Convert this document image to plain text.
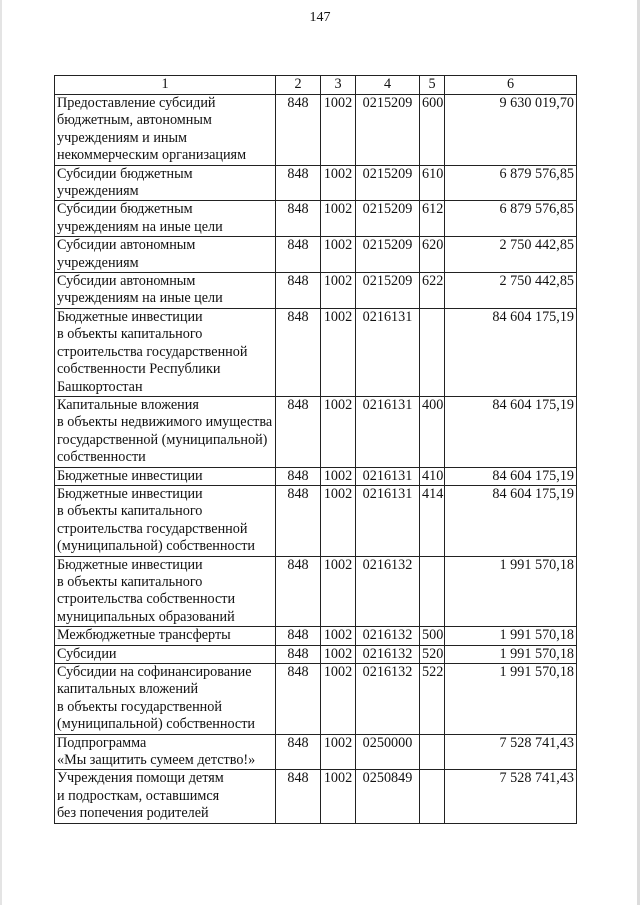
147
1	2	3	4	5	6
Предоставление субсидий бюджетным, автономным учреждениям и иным некоммерческим организациям	848	1002	0215209	600	9 630 019,70
Субсидии бюджетным учреждениям	848	1002	0215209	610	6 879 576,85
Субсидии бюджетным учреждениям на иные цели	848	1002	0215209	612	6 879 576,85
Субсидии автономным учреждениям	848	1002	0215209	620	2 750 442,85
Субсидии автономным учреждениям на иные цели	848	1002	0215209	622	2 750 442,85
Бюджетные инвестиции
в объекты капитального строительства государственной собственности Республики Башкортостан	848	1002	0216131		84 604 175,19
Капитальные вложения
в объекты недвижимого имущества государственной (муниципальной) собственности	848	1002	0216131	400	84 604 175,19
Бюджетные инвестиции	848	1002	0216131	410	84 604 175,19
Бюджетные инвестиции
в объекты капитального строительства государственной (муниципальной) собственности	848	1002	0216131	414	84 604 175,19
Бюджетные инвестиции
в объекты капитального строительства собственности муниципальных образований	848	1002	0216132		1 991 570,18
Межбюджетные трансферты	848	1002	0216132	500	1 991 570,18
Субсидии	848	1002	0216132	520	1 991 570,18
Субсидии на софинансирование капитальных вложений
в объекты государственной (муниципальной) собственности	848	1002	0216132	522	1 991 570,18
Подпрограмма
«Мы защитить сумеем детство!»	848	1002	0250000		7 528 741,43
Учреждения помощи детям
и подросткам, оставшимся
без попечения родителей	848	1002	0250849		7 528 741,43
